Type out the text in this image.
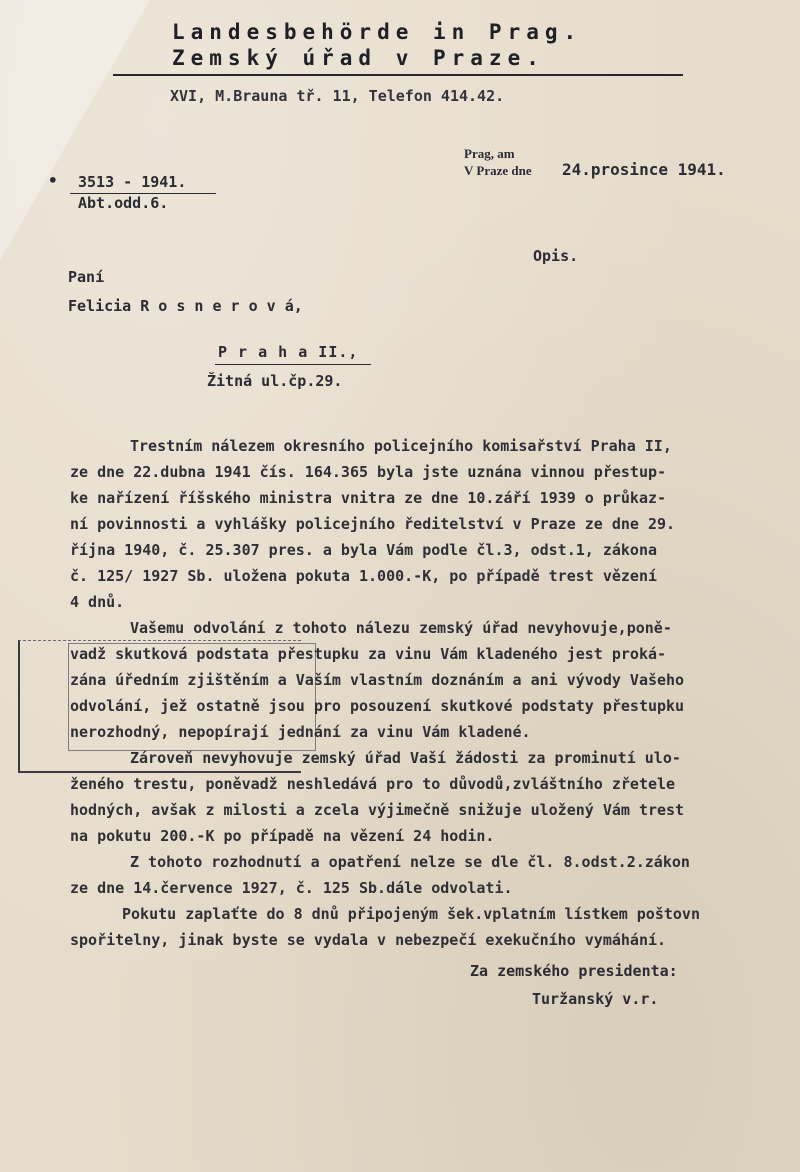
Landesbehörde in Prag.
Zemský úřad v Praze.
XVI, M.Brauna tř. 11, Telefon 414.42.
Prag, am
V Praze dne 24.prosince 1941.
• 3513 - 1941.
Abt.odd.6.
Opis.
Paní
Felicia R o s n e r o v á,
P r a h a II.,
Žitná ul.čp.29.
Trestním nálezem okresního policejního komisařství Praha II,
ze dne 22.dubna 1941 čís. 164.365 byla jste uznána vinnou přestup-
ke nařízení říšského ministra vnitra ze dne 10.září 1939 o průkaz-
ní povinnosti a vyhlášky policejního ředitelství v Praze ze dne 29.
října 1940, č. 25.307 pres. a byla Vám podle čl.3, odst.1, zákona
č. 125/ 1927 Sb. uložena pokuta 1.000.-K, po případě trest vězení
4 dnů.
Vašemu odvolání z tohoto nálezu zemský úřad nevyhovuje,poně-
vadž skutková podstata přestupku za vinu Vám kladeného jest proká-
zána úředním zjištěním a Vaším vlastním doznáním a ani vývody Vašeho
odvolání, jež ostatně jsou pro posouzení skutkové podstaty přestupku
nerozhodný, nepopírají jednání za vinu Vám kladené.
Zároveň nevyhovuje zemský úřad Vaší žádosti za prominutí ulo-
ženého trestu, poněvadž neshledává pro to důvodů,zvláštního zřetele
hodných, avšak z milosti a zcela výjimečně snižuje uložený Vám trest
na pokutu 200.-K po případě na vězení 24 hodin.
Z tohoto rozhodnutí a opatření nelze se dle čl. 8.odst.2.zákon
ze dne 14.července 1927, č. 125 Sb.dále odvolati.
Pokutu zaplaťte do 8 dnů připojeným šek.vplatním lístkem poštovn
spořitelny, jinak byste se vydala v nebezpečí exekučního vymáhání.
Za zemského presidenta:
Turžanský v.r.
